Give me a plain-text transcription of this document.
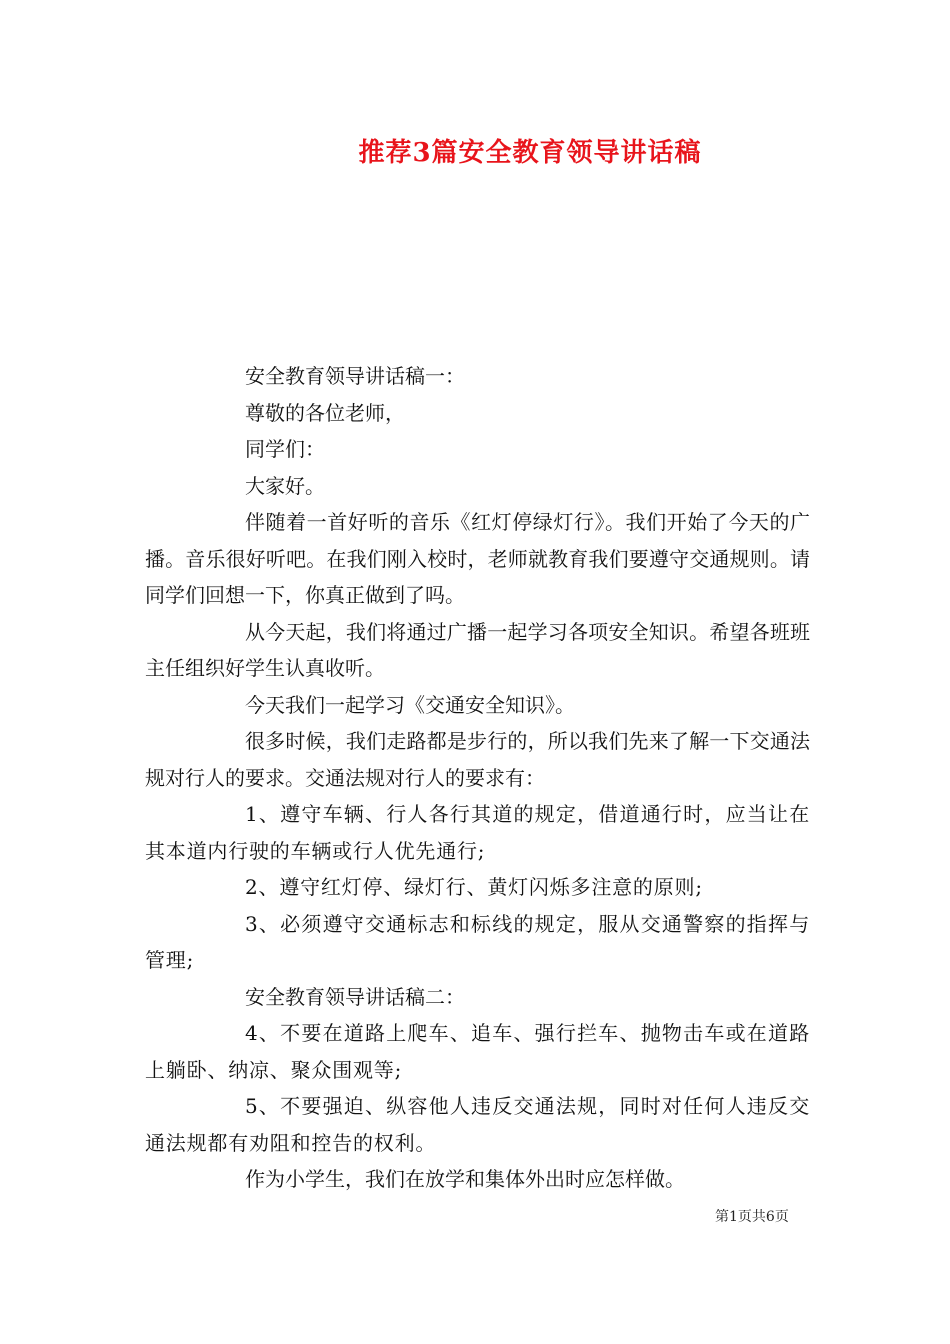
推荐3篇安全教育领导讲话稿

安全教育领导讲话稿一：

尊敬的各位老师，

同学们：

大家好。

伴随着一首好听的音乐《红灯停绿灯行》。我们开始了今天的广播。音乐很好听吧。在我们刚入校时，老师就教育我们要遵守交通规则。请同学们回想一下，你真正做到了吗。

从今天起，我们将通过广播一起学习各项安全知识。希望各班班主任组织好学生认真收听。

今天我们一起学习《交通安全知识》。

很多时候，我们走路都是步行的，所以我们先来了解一下交通法规对行人的要求。交通法规对行人的要求有：

1、遵守车辆、行人各行其道的规定，借道通行时，应当让在其本道内行驶的车辆或行人优先通行;

2、遵守红灯停、绿灯行、黄灯闪烁多注意的原则;

3、必须遵守交通标志和标线的规定，服从交通警察的指挥与管理;

安全教育领导讲话稿二：

4、不要在道路上爬车、追车、强行拦车、抛物击车或在道路上躺卧、纳凉、聚众围观等;

5、不要强迫、纵容他人违反交通法规，同时对任何人违反交通法规都有劝阻和控告的权利。

作为小学生，我们在放学和集体外出时应怎样做。

第1页共6页
